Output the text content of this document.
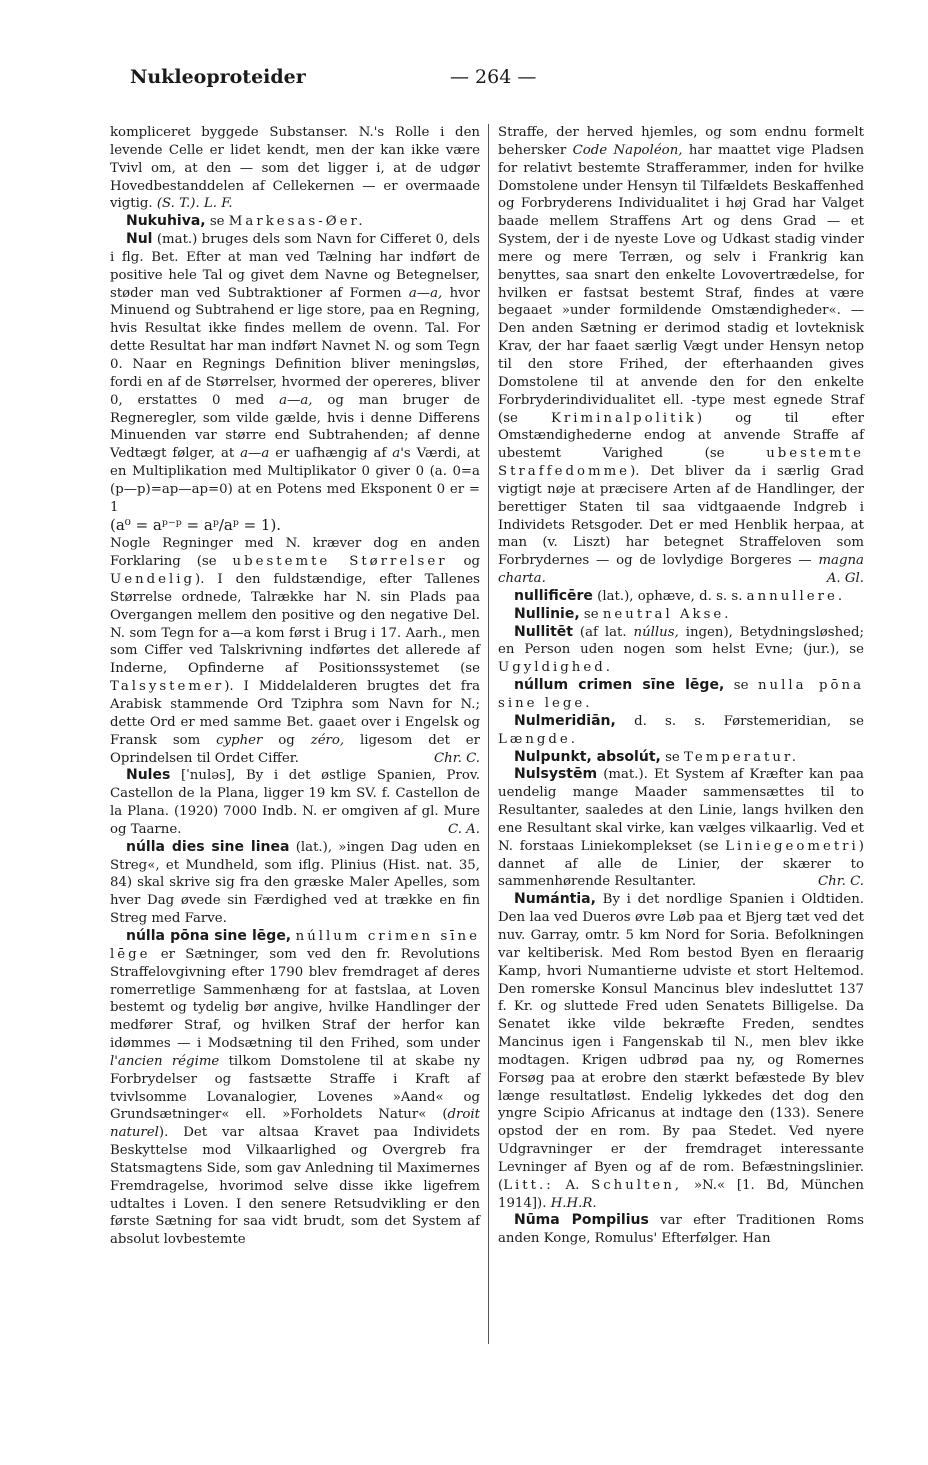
Nukleoproteider	— 264 —

kompliceret byggede Substanser. N.'s Rolle i den levende Celle er lidet kendt, men der kan ikke være Tvivl om, at den — som det ligger i, at de udgør Hovedbestanddelen af Cellekernen — er overmaade vigtig. (S. T.). L. F.

Nukuhiva, se Markesas-Øer.

Nul (mat.) bruges dels som Navn for Cifferet 0, dels i flg. Bet. Efter at man ved Tælning har indført de positive hele Tal og givet dem Navne og Betegnelser, støder man ved Subtraktioner af Formen a—a, hvor Minuend og Subtrahend er lige store, paa en Regning, hvis Resultat ikke findes mellem de ovenn. Tal. For dette Resultat har man indført Navnet N. og som Tegn 0. Naar en Regnings Definition bliver meningsløs, fordi en af de Størrelser, hvormed der opereres, bliver 0, erstattes 0 med a—a, og man bruger de Regneregler, som vilde gælde, hvis i denne Differens Minuenden var større end Subtrahenden; af denne Vedtægt følger, at a—a er uafhængig af a's Værdi, at en Multiplikation med Multiplikator 0 giver 0 (a. 0=a (p—p)=ap—ap=0) at en Potens med Eksponent 0 er = 1

(a⁰ = aᵖ⁻ᵖ = aᵖ/aᵖ = 1).

Nogle Regninger med N. kræver dog en anden Forklaring (se ubestemte Størrelser og Uendelig). I den fuldstændige, efter Tallenes Størrelse ordnede, Talrække har N. sin Plads paa Overgangen mellem den positive og den negative Del. N. som Tegn for a—a kom først i Brug i 17. Aarh., men som Ciffer ved Talskrivning indførtes det allerede af Inderne, Opfinderne af Positionssystemet (se Talsystemer). I Middelalderen brugtes det fra Arabisk stammende Ord Tziphra som Navn for N.; dette Ord er med samme Bet. gaaet over i Engelsk og Fransk som cypher og zéro, ligesom det er Oprindelsen til Ordet Ciffer.	Chr. C.

Nules [ˈnuləs], By i det østlige Spanien, Prov. Castellon de la Plana, ligger 19 km SV. f. Castellon de la Plana. (1920) 7000 Indb. N. er omgiven af gl. Mure og Taarne.	C. A.

núlla dies sine linea (lat.), »ingen Dag uden en Streg«, et Mundheld, som iflg. Plinius (Hist. nat. 35, 84) skal skrive sig fra den græske Maler Apelles, som hver Dag øvede sin Færdighed ved at trække en fin Streg med Farve.

núlla pōna sine lēge, núllum crimen sīne lēge er Sætninger, som ved den fr. Revolutions Straffelovgivning efter 1790 blev fremdraget af deres romerretlige Sammenhæng for at fastslaa, at Loven bestemt og tydelig bør angive, hvilke Handlinger der medfører Straf, og hvilken Straf der herfor kan idømmes — i Modsætning til den Frihed, som under l'ancien régime tilkom Domstolene til at skabe ny Forbrydelser og fastsætte Straffe i Kraft af tvivlsomme Lovanalogier, Lovenes »Aand« og Grundsætninger« ell. »Forholdets Natur« (droit naturel). Det var altsaa Kravet paa Individets Beskyttelse mod Vilkaarlighed og Overgreb fra Statsmagtens Side, som gav Anledning til Maximernes Fremdragelse, hvorimod selve disse ikke ligefrem udtaltes i Loven. I den senere Retsudvikling er den første Sætning for saa vidt brudt, som det System af absolut lovbestemte

Straffe, der herved hjemles, og som endnu formelt behersker Code Napoléon, har maattet vige Pladsen for relativt bestemte Strafferammer, inden for hvilke Domstolene under Hensyn til Tilfældets Beskaffenhed og Forbryderens Individualitet i høj Grad har Valget baade mellem Straffens Art og dens Grad — et System, der i de nyeste Love og Udkast stadig vinder mere og mere Terræn, og selv i Frankrig kan benyttes, saa snart den enkelte Lovovertrædelse, for hvilken er fastsat bestemt Straf, findes at være begaaet »under formildende Omstændigheder«. — Den anden Sætning er derimod stadig et lovteknisk Krav, der har faaet særlig Vægt under Hensyn netop til den store Frihed, der efterhaanden gives Domstolene til at anvende den for den enkelte Forbryderindividualitet ell. -type mest egnede Straf (se Kriminalpolitik) og til efter Omstændighederne endog at anvende Straffe af ubestemt Varighed (se	ubestemte Straffedomme). Det bliver da i særlig Grad vigtigt nøje at præcisere Arten af de Handlinger, der berettiger Staten til saa vidtgaaende Indgreb i Individets Retsgoder. Det er med Henblik herpaa, at man (v. Liszt) har betegnet Straffeloven som Forbrydernes — og de lovlydige Borgeres — magna charta.	A. Gl.

nullificēre (lat.), ophæve, d. s. s. annullere.

Nullinie, se neutral Akse.

Nullitēt (af lat. núllus, ingen), Betydningsløshed; en Person uden nogen som helst Evne; (jur.), se Ugyldighed.

núllum crimen sīne lēge, se nulla pōna sine lege.

Nulmeridiān, d. s. s. Førstemeridian, se Længde.

Nulpunkt, absolút, se Temperatur.

Nulsystēm (mat.). Et System af Kræfter kan paa uendelig mange Maader sammensættes til to Resultanter, saaledes at den Linie, langs hvilken den ene Resultant skal virke, kan vælges vilkaarlig. Ved et N. forstaas Liniekomplekset (se Liniegeometri) dannet af alle de Linier, der skærer to sammenhørende Resultanter.	Chr. C.

Numántia, By i det nordlige Spanien i Oldtiden. Den laa ved Dueros øvre Løb paa et Bjerg tæt ved det nuv. Garray, omtr. 5 km Nord for Soria. Befolkningen var keltiberisk. Med Rom bestod Byen en fleraarig Kamp, hvori Numantierne udviste et stort Heltemod. Den romerske Konsul Mancinus blev indesluttet 137 f. Kr. og sluttede Fred uden Senatets Billigelse. Da Senatet ikke vilde bekræfte Freden, sendtes Mancinus igen i Fangenskab til N., men blev ikke modtagen. Krigen udbrød paa ny, og Romernes Forsøg paa at erobre den stærkt befæstede By blev længe resultatløst. Endelig lykkedes det dog den yngre Scipio Africanus at indtage den (133). Senere opstod der en rom. By paa Stedet. Ved nyere Udgravninger er der fremdraget interessante Levninger af Byen og af de rom. Befæstningslinier. (Litt.: A. Schulten, »N.« [1. Bd, München 1914]). H.H.R.

Nūma Pompilius var efter Traditionen Roms anden Konge, Romulus' Efterfølger. Han
